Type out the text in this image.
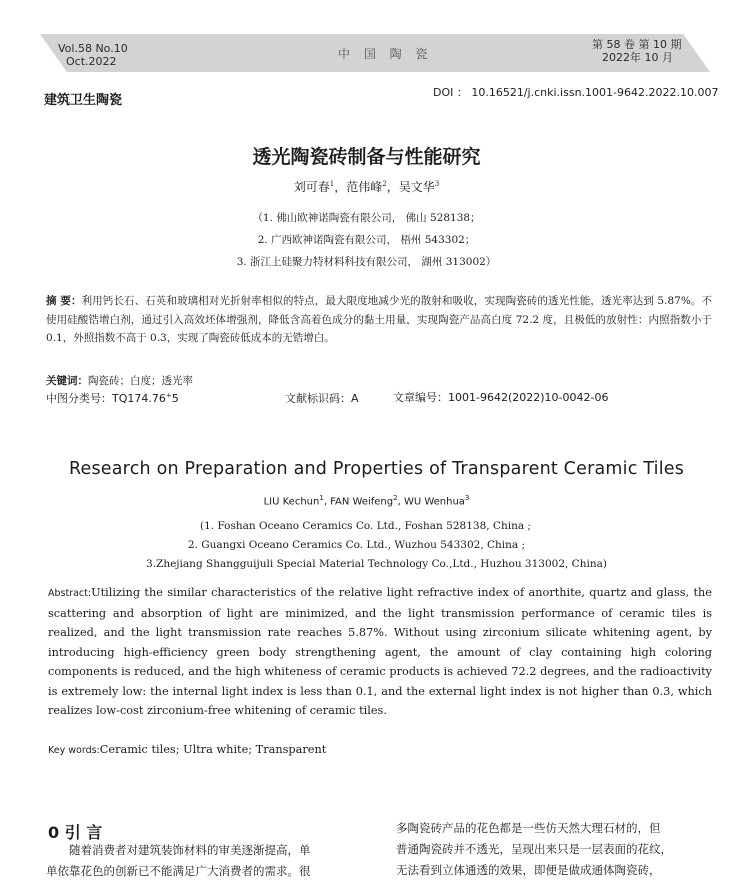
Vol.58 No.10
Oct.2022
中 国 陶 瓷
第 58 卷 第 10 期
2022年 10 月
建筑卫生陶瓷
DOI ： 10.16521/j.cnki.issn.1001-9642.2022.10.007
透光陶瓷砖制备与性能研究
刘可春$^1$，范伟峰$^2$，吴文华$^3$
（1. 佛山欧神诺陶瓷有限公司， 佛山 528138；
2. 广西欧神诺陶瓷有限公司， 梧州 543302；
3. 浙江上硅聚力特材料科技有限公司， 湖州 313002）
摘 要：利用钙长石、石英和玻璃相对光折射率相似的特点，最大限度地减少光的散射和吸收，实现陶瓷砖的透光性能，透光率达到 5.87%。不使用硅酸锆增白剂，通过引入高效坯体增强剂，降低含高着色成分的黏土用量，实现陶瓷产品高白度 72.2 度，且极低的放射性：内照指数小于 0.1，外照指数不高于 0.3，实现了陶瓷砖低成本的无锆增白。
关键词：陶瓷砖；白度；透光率
中图分类号：TQ174.76+5	文献标识码：A	文章编号：1001-9642(2022)10-0042-06
Research on Preparation and Properties of Transparent Ceramic Tiles
LIU Kechun$^1$, FAN Weifeng$^2$, WU Wenhua$^3$
(1. Foshan Oceano Ceramics Co. Ltd., Foshan 528138, China ;
2. Guangxi Oceano Ceramics Co. Ltd., Wuzhou 543302, China ;
3.Zhejiang Shangguijuli Special Material Technology Co.,Ltd., Huzhou 313002, China)
Abstract:Utilizing the similar characteristics of the relative light refractive index of anorthite, quartz and glass, the scattering and absorption of light are minimized, and the light transmission performance of ceramic tiles is realized, and the light transmission rate reaches 5.87%. Without using zirconium silicate whitening agent, by introducing high-efficiency green body strengthening agent, the amount of clay containing high coloring components is reduced, and the high whiteness of ceramic products is achieved 72.2 degrees, and the radioactivity is extremely low: the internal light index is less than 0.1, and the external light index is not higher than 0.3, which realizes low-cost zirconium-free whitening of ceramic tiles.
Key words:Ceramic tiles; Ultra white; Transparent
0 引 言
随着消费者对建筑装饰材料的审美逐渐提高，单
单依靠花色的创新已不能满足广大消费者的需求。很
多陶瓷砖产品的花色都是一些仿天然大理石材的，但
普通陶瓷砖并不透光，呈现出来只是一层表面的花纹，
无法看到立体通透的效果，即便是做成通体陶瓷砖，
